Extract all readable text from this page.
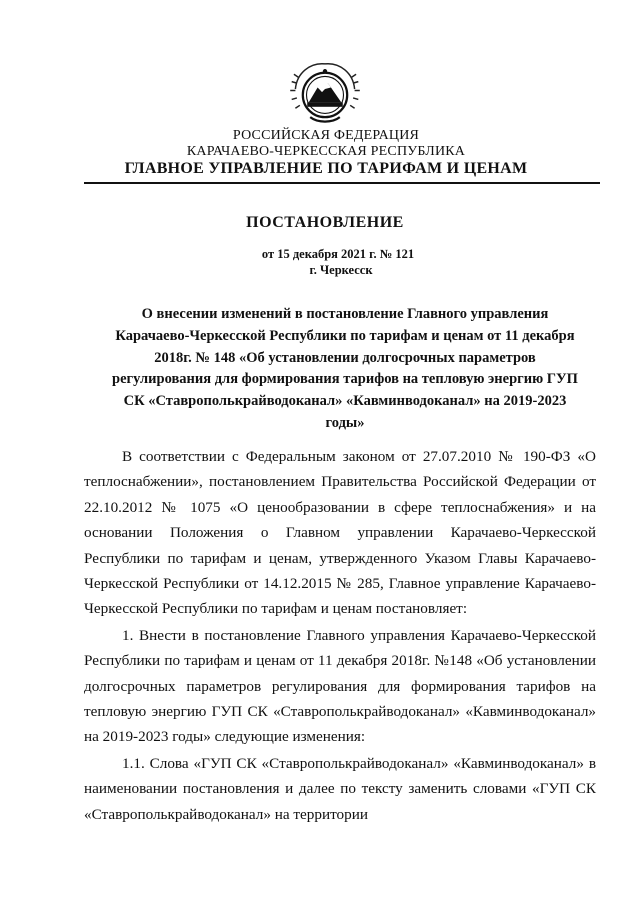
РОССИЙСКАЯ ФЕДЕРАЦИЯ
КАРАЧАЕВО-ЧЕРКЕССКАЯ РЕСПУБЛИКА
ГЛАВНОЕ УПРАВЛЕНИЕ ПО ТАРИФАМ И ЦЕНАМ
ПОСТАНОВЛЕНИЕ
от 15 декабря 2021 г. № 121
г. Черкесск
О внесении изменений в постановление Главного управления Карачаево-Черкесской Республики по тарифам и ценам от 11 декабря 2018г. № 148 «Об установлении долгосрочных параметров регулирования для формирования тарифов на тепловую энергию ГУП СК «Ставрополькрайводоканал» «Кавминводоканал» на 2019-2023 годы»

В соответствии с Федеральным законом от 27.07.2010 № 190-ФЗ «О теплоснабжении», постановлением Правительства Российской Федерации от 22.10.2012 № 1075 «О ценообразовании в сфере теплоснабжения» и на основании Положения о Главном управлении Карачаево-Черкесской Республики по тарифам и ценам, утвержденного Указом Главы Карачаево-Черкесской Республики от 14.12.2015 № 285, Главное управление Карачаево-Черкесской Республики по тарифам и ценам постановляет:

1. Внести в постановление Главного управления Карачаево-Черкесской Республики по тарифам и ценам от 11 декабря 2018г. №148 «Об установлении долгосрочных параметров регулирования для формирования тарифов на тепловую энергию ГУП СК «Ставрополькрайводоканал» «Кавминводоканал» на 2019-2023 годы» следующие изменения:

1.1. Слова «ГУП СК «Ставрополькрайводоканал» «Кавминводоканал» в наименовании постановления и далее по тексту заменить словами «ГУП СК «Ставрополькрайводоканал» на территории
